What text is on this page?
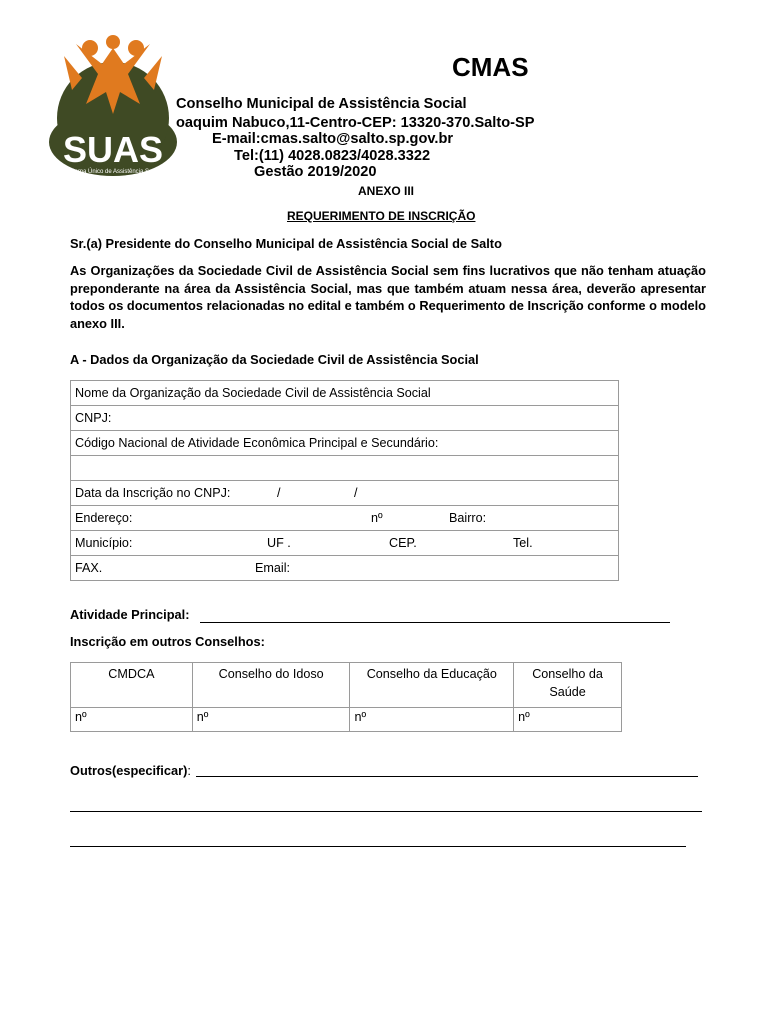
SUAS
Sistema Único de Assistência Social
CMAS
Conselho Municipal de Assistência Social
oaquim Nabuco,11-Centro-CEP: 13320-370.Salto-SP
E-mail:cmas.salto@salto.sp.gov.br
Tel:(11) 4028.0823/4028.3322
Gestão 2019/2020
ANEXO III
REQUERIMENTO DE INSCRIÇÃO
Sr.(a) Presidente do Conselho Municipal de Assistência Social de Salto
As Organizações da Sociedade Civil de Assistência Social sem fins lucrativos que não tenham atuação preponderante na área da Assistência Social, mas que também atuam nessa área, deverão apresentar todos os documentos relacionadas no edital e também o Requerimento de Inscrição conforme o modelo anexo III.
A - Dados da Organização da Sociedade Civil de Assistência Social
Nome da Organização da Sociedade Civil de Assistência Social
CNPJ:
Código Nacional de Atividade Econômica Principal e Secundário:

Data da Inscrição no CNPJ:	/	/

Endereço:	nº	Bairro:

Município:	UF .	CEP.	Tel.

FAX.	Email:
Atividade Principal:
Inscrição em outros Conselhos:
CMDCA	Conselho do Idoso	Conselho da Educação	Conselho da Saúde
nº	nº	nº	nº
Outros(especificar):
